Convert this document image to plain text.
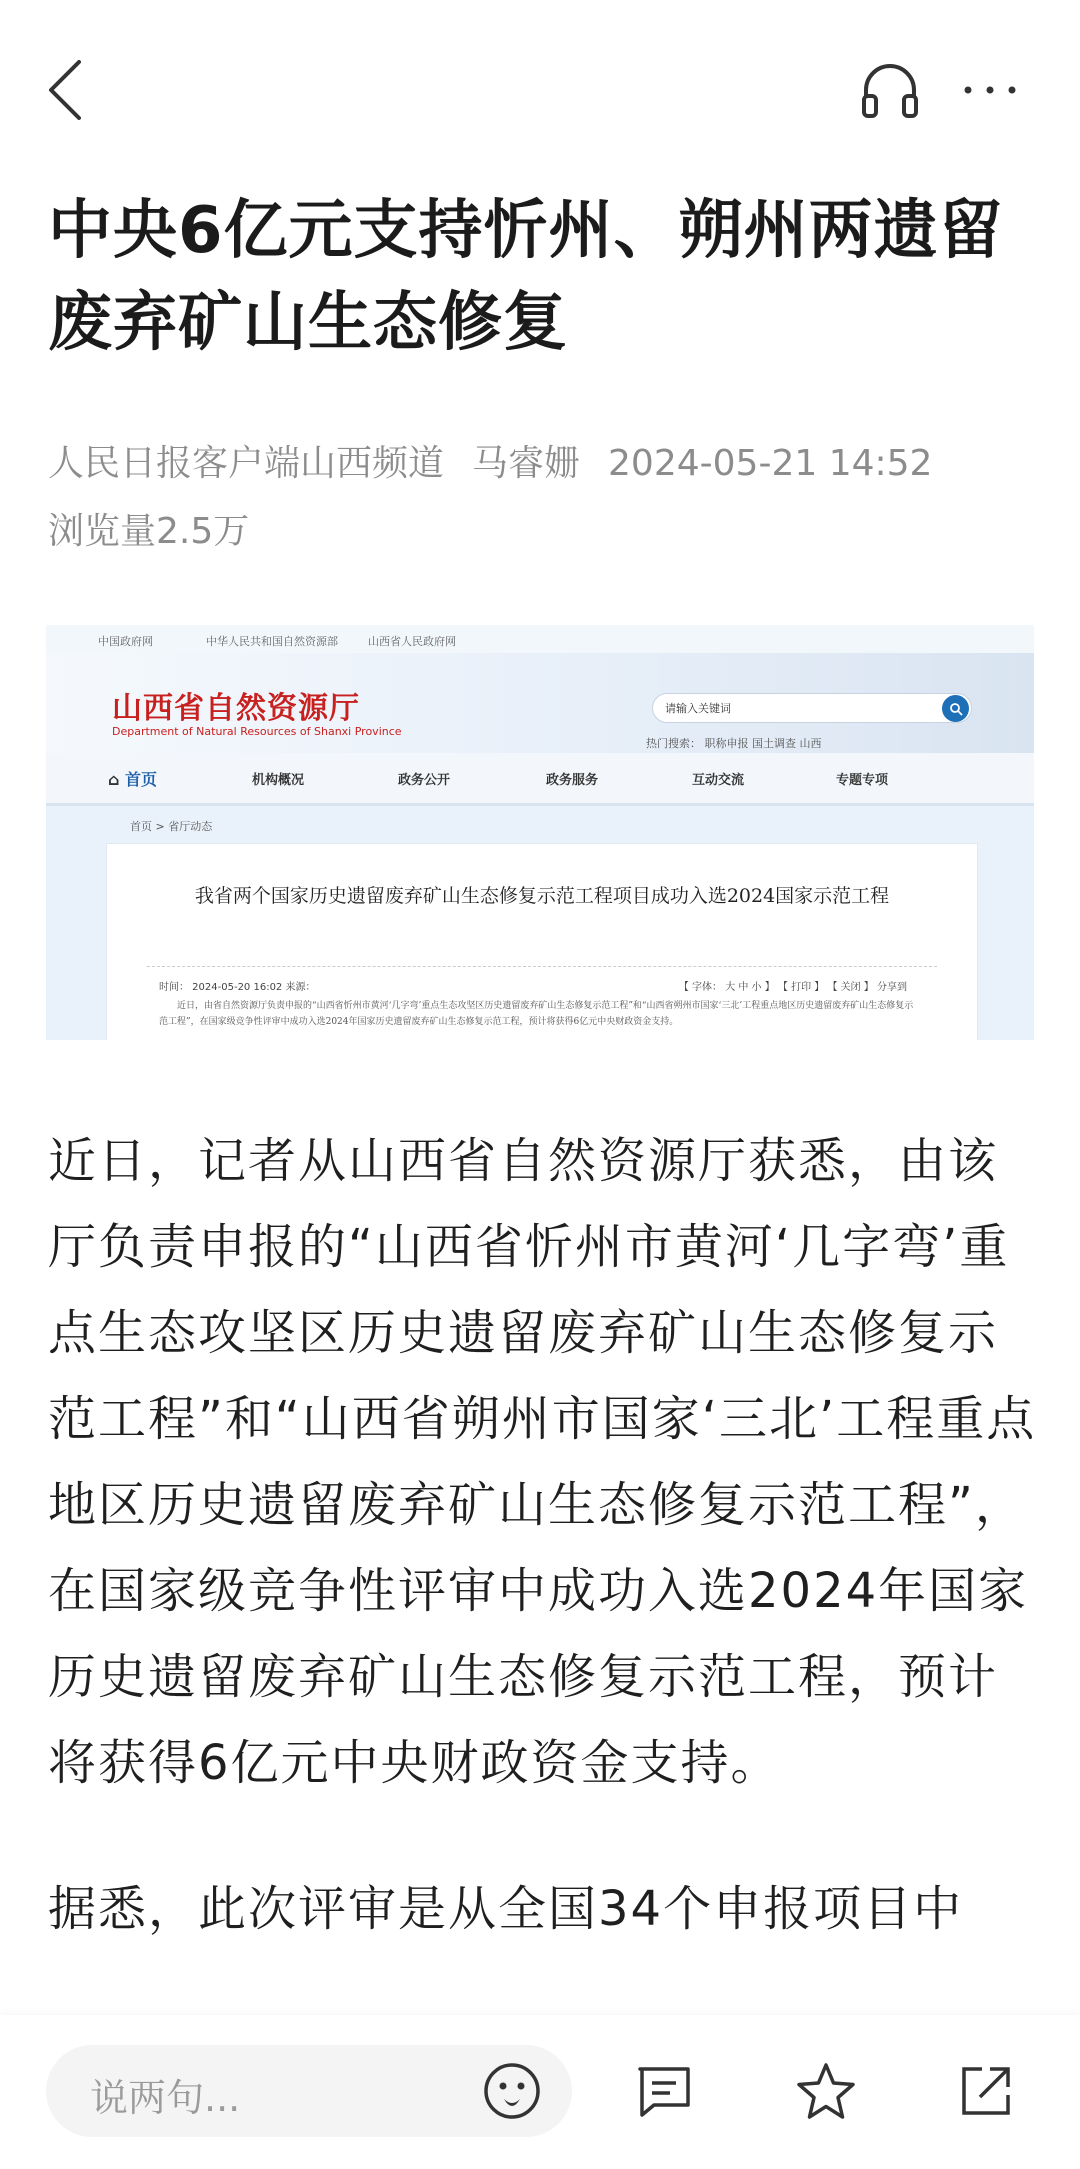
中央6亿元支持忻州、朔州两遗留废弃矿山生态修复
人民日报客户端山西频道 马睿姗 2024-05-21 14:52
浏览量2.5万
中国政府网	中华人民共和国自然资源部	山西省人民政府网
山西省自然资源厅
Department of Natural Resources of Shanxi Province
请输入关键词
热门搜索： 职称申报 国土调查 山西
⌂ 首页	机构概况	政务公开	政务服务	互动交流	专题专项
首页 > 省厅动态
我省两个国家历史遗留废弃矿山生态修复示范工程项目成功入选2024国家示范工程
时间： 2024-05-20 16:02 来源：	【 字体： 大 中 小 】 【 打印 】 【 关闭 】 分享到
近日，由省自然资源厅负责申报的“山西省忻州市黄河‘几字弯’重点生态攻坚区历史遗留废弃矿山生态修复示范工程”和“山西省朔州市国家‘三北’工程重点地区历史遗留废弃矿山生态修复示范工程”，在国家级竞争性评审中成功入选2024年国家历史遗留废弃矿山生态修复示范工程，预计将获得6亿元中央财政资金支持。

近日，记者从山西省自然资源厅获悉，由该厅负责申报的“山西省忻州市黄河‘几字弯’重点生态攻坚区历史遗留废弃矿山生态修复示范工程”和“山西省朔州市国家‘三北’工程重点地区历史遗留废弃矿山生态修复示范工程”，在国家级竞争性评审中成功入选2024年国家历史遗留废弃矿山生态修复示范工程，预计将获得6亿元中央财政资金支持。

据悉，此次评审是从全国34个申报项目中

说两句...
